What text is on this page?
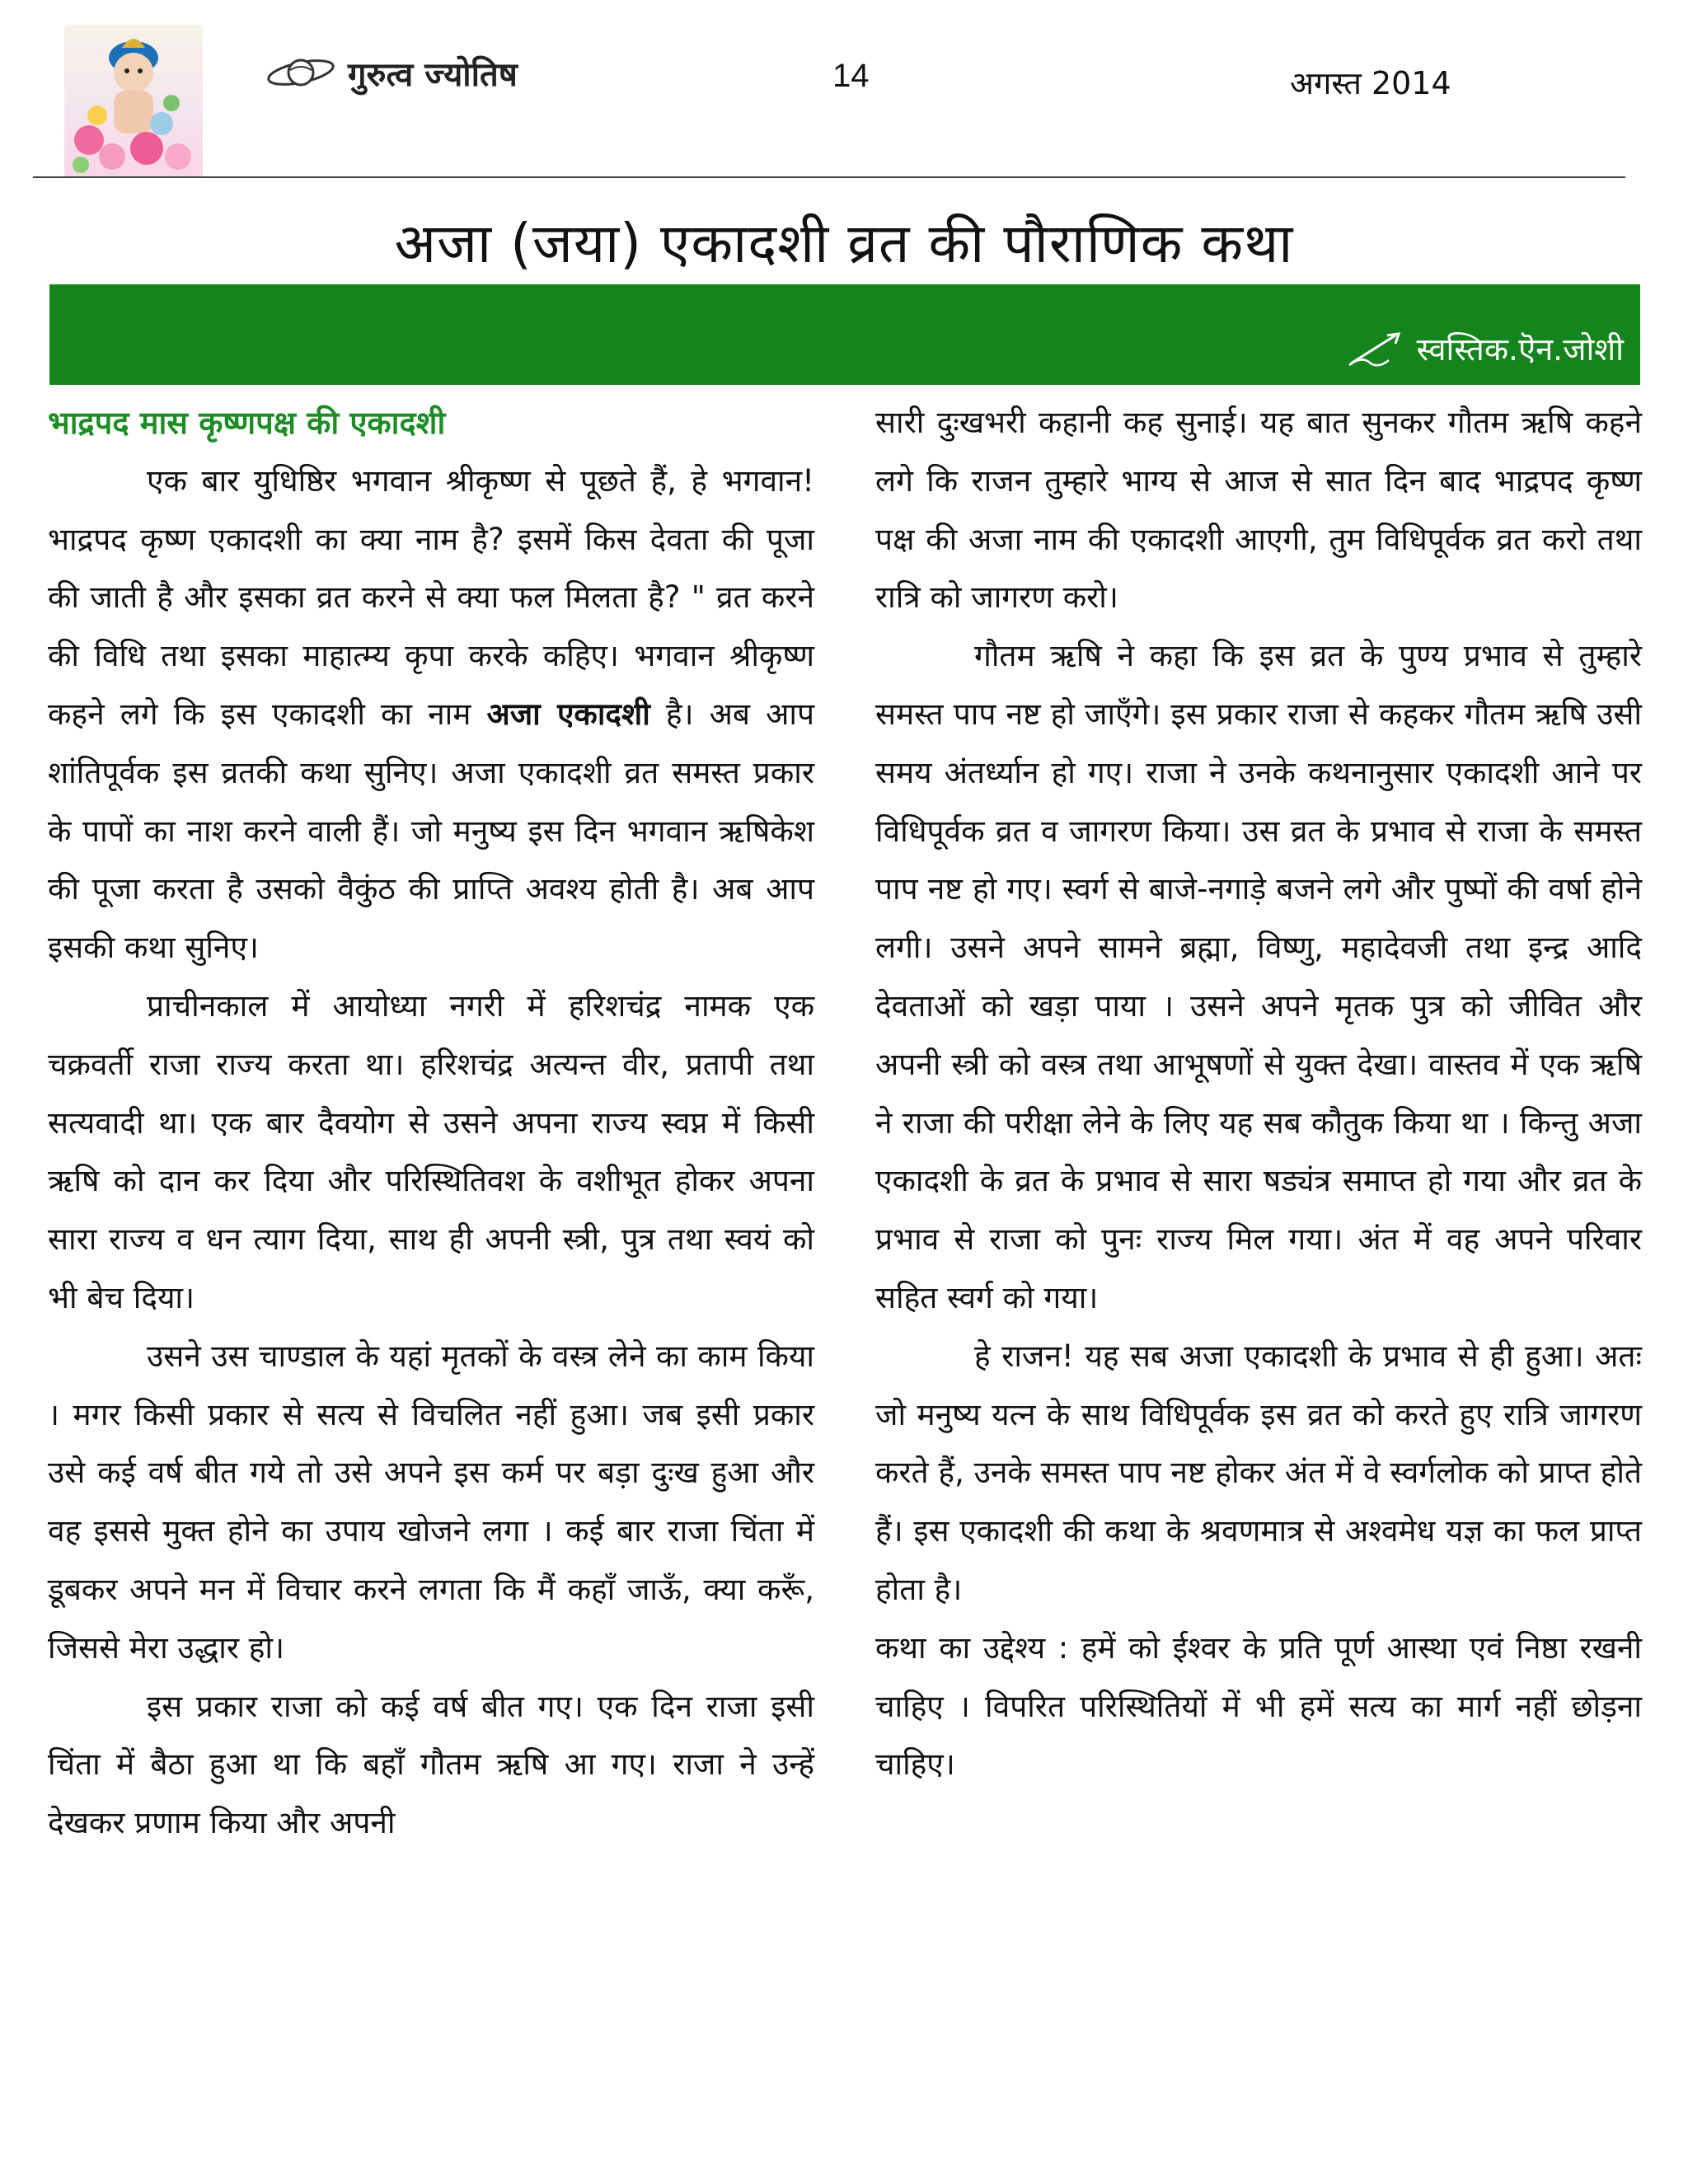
गुरुत्व ज्योतिष	14	अगस्त 2014
अजा (जया) एकादशी व्रत की पौराणिक कथा
स्वस्तिक.ऎन.जोशी

भाद्रपद मास कृष्णपक्ष की एकादशी

एक बार युधिष्ठिर भगवान श्रीकृष्ण से पूछते हैं, हे भगवान! भाद्रपद कृष्ण एकादशी का क्या नाम है? इसमें किस देवता की पूजा की जाती है और इसका व्रत करने से क्या फल मिलता है? " व्रत करने की विधि तथा इसका माहात्म्य कृपा करके कहिए। भगवान श्रीकृष्ण कहने लगे कि इस एकादशी का नाम अजा एकादशी है। अब आप शांतिपूर्वक इस व्रतकी कथा सुनिए। अजा एकादशी व्रत समस्त प्रकार के पापों का नाश करने वाली हैं। जो मनुष्य इस दिन भगवान ऋषिकेश की पूजा करता है उसको वैकुंठ की प्राप्ति अवश्य होती है। अब आप इसकी कथा सुनिए।

प्राचीनकाल में आयोध्या नगरी में हरिशचंद्र नामक एक चक्रवर्ती राजा राज्य करता था। हरिशचंद्र अत्यन्त वीर, प्रतापी तथा सत्यवादी था। एक बार दैवयोग से उसने अपना राज्य स्वप्न में किसी ऋषि को दान कर दिया और परिस्थितिवश के वशीभूत होकर अपना सारा राज्य व धन त्याग दिया, साथ ही अपनी स्त्री, पुत्र तथा स्वयं को भी बेच दिया।

उसने उस चाण्डाल के यहां मृतकों के वस्त्र लेने का काम किया । मगर किसी प्रकार से सत्य से विचलित नहीं हुआ। जब इसी प्रकार उसे कई वर्ष बीत गये तो उसे अपने इस कर्म पर बड़ा दुःख हुआ और वह इससे मुक्त होने का उपाय खोजने लगा । कई बार राजा चिंता में डूबकर अपने मन में विचार करने लगता कि मैं कहाँ जाऊँ, क्या करूँ, जिससे मेरा उद्धार हो।

इस प्रकार राजा को कई वर्ष बीत गए। एक दिन राजा इसी चिंता में बैठा हुआ था कि बहाँ गौतम ऋषि आ गए। राजा ने उन्हें देखकर प्रणाम किया और अपनी

सारी दुःखभरी कहानी कह सुनाई। यह बात सुनकर गौतम ऋषि कहने लगे कि राजन तुम्हारे भाग्य से आज से सात दिन बाद भाद्रपद कृष्ण पक्ष की अजा नाम की एकादशी आएगी, तुम विधिपूर्वक व्रत करो तथा रात्रि को जागरण करो।

गौतम ऋषि ने कहा कि इस व्रत के पुण्य प्रभाव से तुम्हारे समस्त पाप नष्ट हो जाएँगे। इस प्रकार राजा से कहकर गौतम ऋषि उसी समय अंतर्ध्यान हो गए। राजा ने उनके कथनानुसार एकादशी आने पर विधिपूर्वक व्रत व जागरण किया। उस व्रत के प्रभाव से राजा के समस्त पाप नष्ट हो गए। स्वर्ग से बाजे-नगाड़े बजने लगे और पुष्पों की वर्षा होने लगी। उसने अपने सामने ब्रह्मा, विष्णु, महादेवजी तथा इन्द्र आदि देवताओं को खड़ा पाया । उसने अपने मृतक पुत्र को जीवित और अपनी स्त्री को वस्त्र तथा आभूषणों से युक्त देखा। वास्तव में एक ऋषि ने राजा की परीक्षा लेने के लिए यह सब कौतुक किया था । किन्तु अजा एकादशी के व्रत के प्रभाव से सारा षड्यंत्र समाप्त हो गया और व्रत के प्रभाव से राजा को पुनः राज्य मिल गया। अंत में वह अपने परिवार सहित स्वर्ग को गया।

हे राजन! यह सब अजा एकादशी के प्रभाव से ही हुआ। अतः जो मनुष्य यत्न के साथ विधिपूर्वक इस व्रत को करते हुए रात्रि जागरण करते हैं, उनके समस्त पाप नष्ट होकर अंत में वे स्वर्गलोक को प्राप्त होते हैं। इस एकादशी की कथा के श्रवणमात्र से अश्वमेध यज्ञ का फल प्राप्त होता है।

कथा का उद्देश्य : हमें को ईश्वर के प्रति पूर्ण आस्था एवं निष्ठा रखनी चाहिए । विपरित परिस्थितियों में भी हमें सत्य का मार्ग नहीं छोड़ना चाहिए।
